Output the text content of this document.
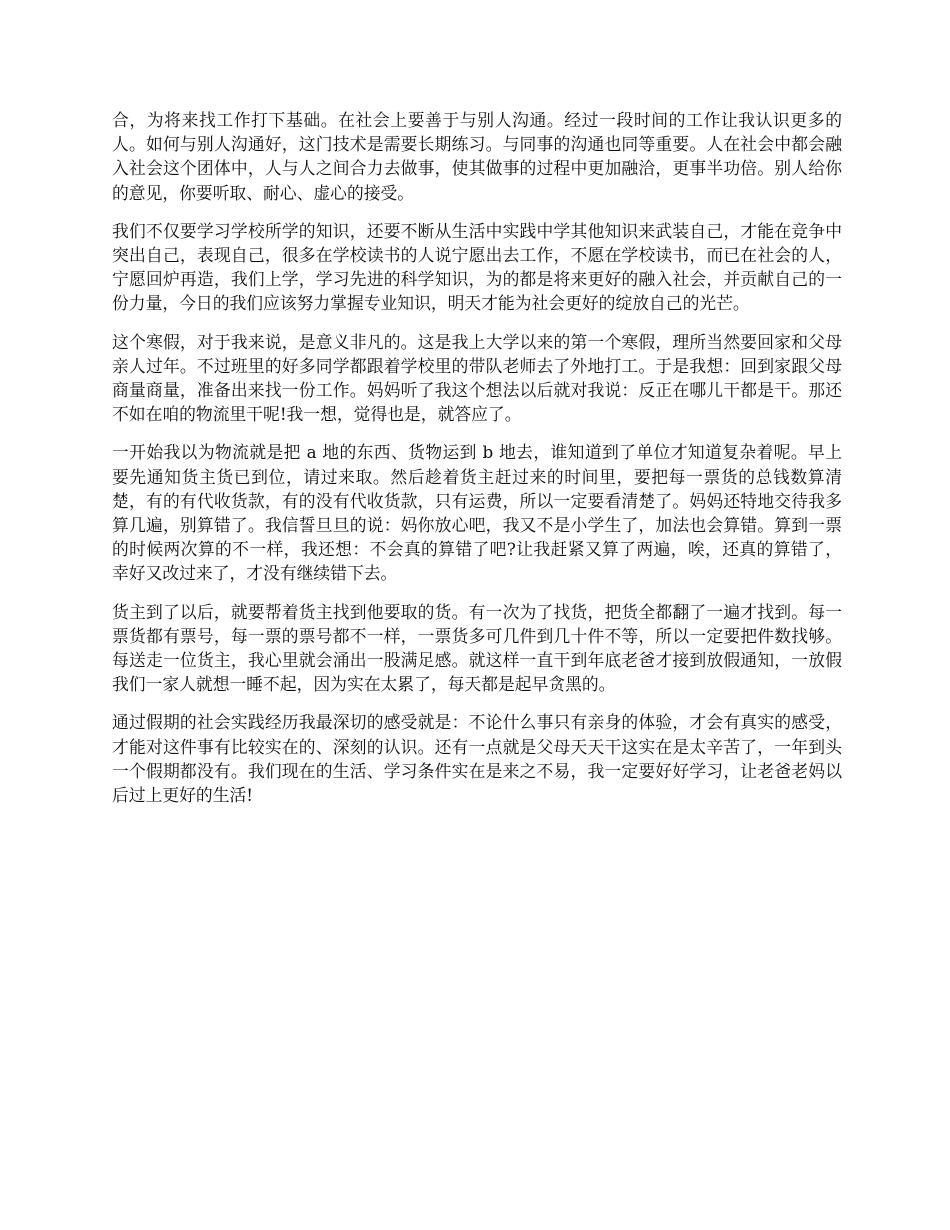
合，为将来找工作打下基础。在社会上要善于与别人沟通。经过一段时间的工作让我认识更多的人。如何与别人沟通好，这门技术是需要长期练习。与同事的沟通也同等重要。人在社会中都会融入社会这个团体中，人与人之间合力去做事，使其做事的过程中更加融洽，更事半功倍。别人给你的意见，你要听取、耐心、虚心的接受。

我们不仅要学习学校所学的知识，还要不断从生活中实践中学其他知识来武装自己，才能在竞争中突出自己，表现自己，很多在学校读书的人说宁愿出去工作，不愿在学校读书，而已在社会的人，宁愿回炉再造，我们上学，学习先进的科学知识，为的都是将来更好的融入社会，并贡献自己的一份力量，今日的我们应该努力掌握专业知识，明天才能为社会更好的绽放自己的光芒。

这个寒假，对于我来说，是意义非凡的。这是我上大学以来的第一个寒假，理所当然要回家和父母亲人过年。不过班里的好多同学都跟着学校里的带队老师去了外地打工。于是我想：回到家跟父母商量商量，准备出来找一份工作。妈妈听了我这个想法以后就对我说：反正在哪儿干都是干。那还不如在咱的物流里干呢!我一想，觉得也是，就答应了。

一开始我以为物流就是把 a 地的东西、货物运到 b 地去，谁知道到了单位才知道复杂着呢。早上要先通知货主货已到位，请过来取。然后趁着货主赶过来的时间里，要把每一票货的总钱数算清楚，有的有代收货款，有的没有代收货款，只有运费，所以一定要看清楚了。妈妈还特地交待我多算几遍，别算错了。我信誓旦旦的说：妈你放心吧，我又不是小学生了，加法也会算错。算到一票的时候两次算的不一样，我还想：不会真的算错了吧?让我赶紧又算了两遍，唉，还真的算错了，幸好又改过来了，才没有继续错下去。

货主到了以后，就要帮着货主找到他要取的货。有一次为了找货，把货全都翻了一遍才找到。每一票货都有票号，每一票的票号都不一样，一票货多可几件到几十件不等，所以一定要把件数找够。每送走一位货主，我心里就会涌出一股满足感。就这样一直干到年底老爸才接到放假通知，一放假我们一家人就想一睡不起，因为实在太累了，每天都是起早贪黑的。

通过假期的社会实践经历我最深切的感受就是：不论什么事只有亲身的体验，才会有真实的感受，才能对这件事有比较实在的、深刻的认识。还有一点就是父母天天干这实在是太辛苦了，一年到头一个假期都没有。我们现在的生活、学习条件实在是来之不易，我一定要好好学习，让老爸老妈以后过上更好的生活!
